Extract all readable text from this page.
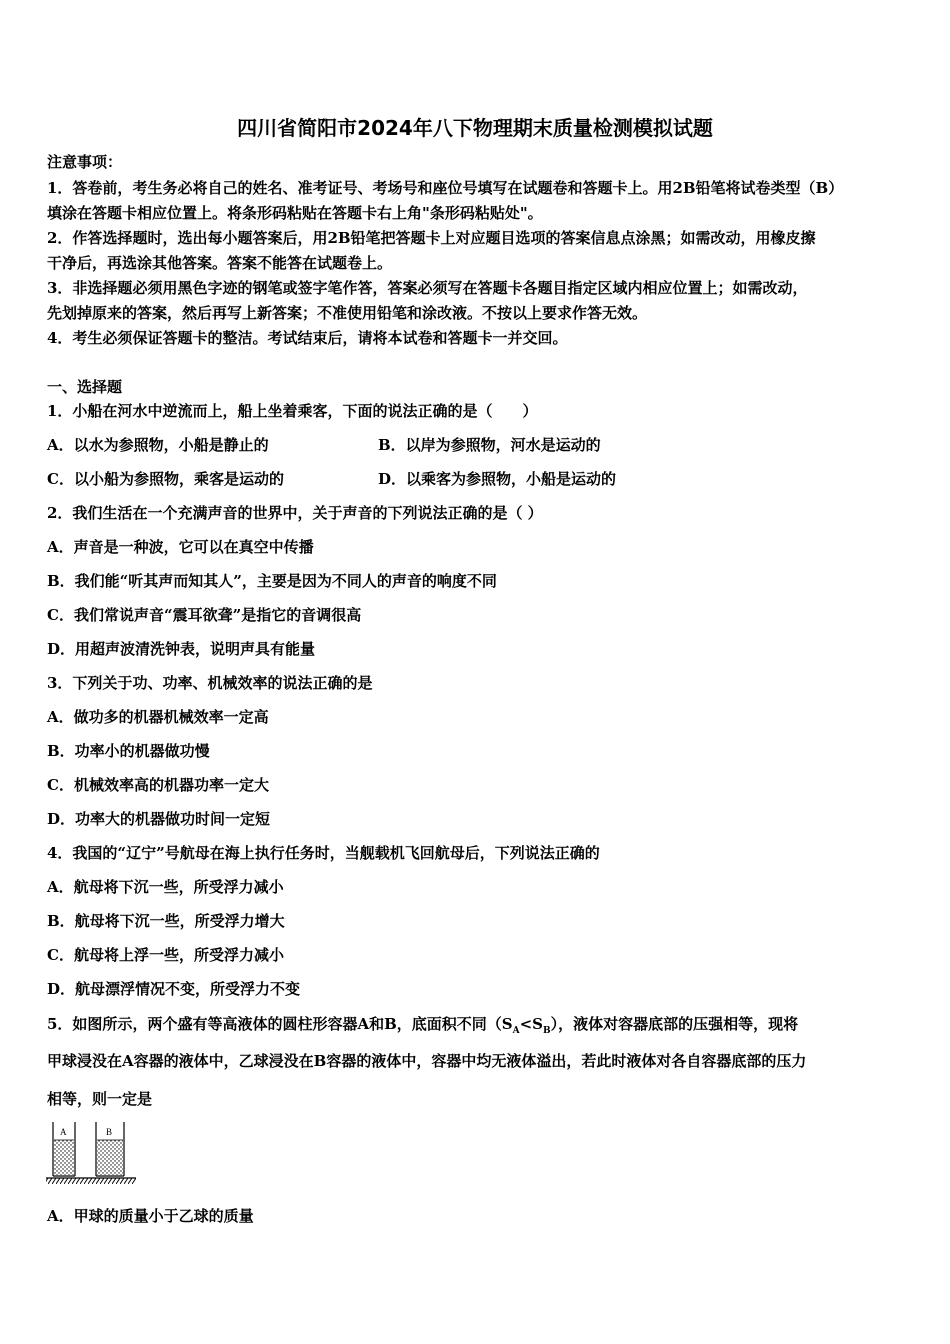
四川省简阳市2024年八下物理期末质量检测模拟试题
注意事项：
1．答卷前，考生务必将自己的姓名、准考证号、考场号和座位号填写在试题卷和答题卡上。用2B铅笔将试卷类型（B）
填涂在答题卡相应位置上。将条形码粘贴在答题卡右上角"条形码粘贴处"。
2．作答选择题时，选出每小题答案后，用2B铅笔把答题卡上对应题目选项的答案信息点涂黑；如需改动，用橡皮擦
干净后，再选涂其他答案。答案不能答在试题卷上。
3．非选择题必须用黑色字迹的钢笔或签字笔作答，答案必须写在答题卡各题目指定区域内相应位置上；如需改动，
先划掉原来的答案，然后再写上新答案；不准使用铅笔和涂改液。不按以上要求作答无效。
4．考生必须保证答题卡的整洁。考试结束后，请将本试卷和答题卡一并交回。
一、选择题
1．小船在河水中逆流而上，船上坐着乘客，下面的说法正确的是（　　）
A．以水为参照物，小船是静止的	B．以岸为参照物，河水是运动的
C．以小船为参照物，乘客是运动的	D．以乘客为参照物，小船是运动的
2．我们生活在一个充满声音的世界中，关于声音的下列说法正确的是（ ）
A．声音是一种波，它可以在真空中传播
B．我们能“听其声而知其人”，主要是因为不同人的声音的响度不同
C．我们常说声音“震耳欲聋”是指它的音调很高
D．用超声波清洗钟表，说明声具有能量
3．下列关于功、功率、机械效率的说法正确的是
A．做功多的机器机械效率一定高
B．功率小的机器做功慢
C．机械效率高的机器功率一定大
D．功率大的机器做功时间一定短
4．我国的“辽宁”号航母在海上执行任务时，当舰载机飞回航母后，下列说法正确的
A．航母将下沉一些，所受浮力减小
B．航母将下沉一些，所受浮力增大
C．航母将上浮一些，所受浮力减小
D．航母漂浮情况不变，所受浮力不变
5．如图所示，两个盛有等高液体的圆柱形容器A和B，底面积不同$(S_A<S_B)$，液体对容器底部的压强相等，现将
甲球浸没在A容器的液体中，乙球浸没在B容器的液体中，容器中均无液体溢出，若此时液体对各自容器底部的压力
相等，则一定是
A	B
A．甲球的质量小于乙球的质量
